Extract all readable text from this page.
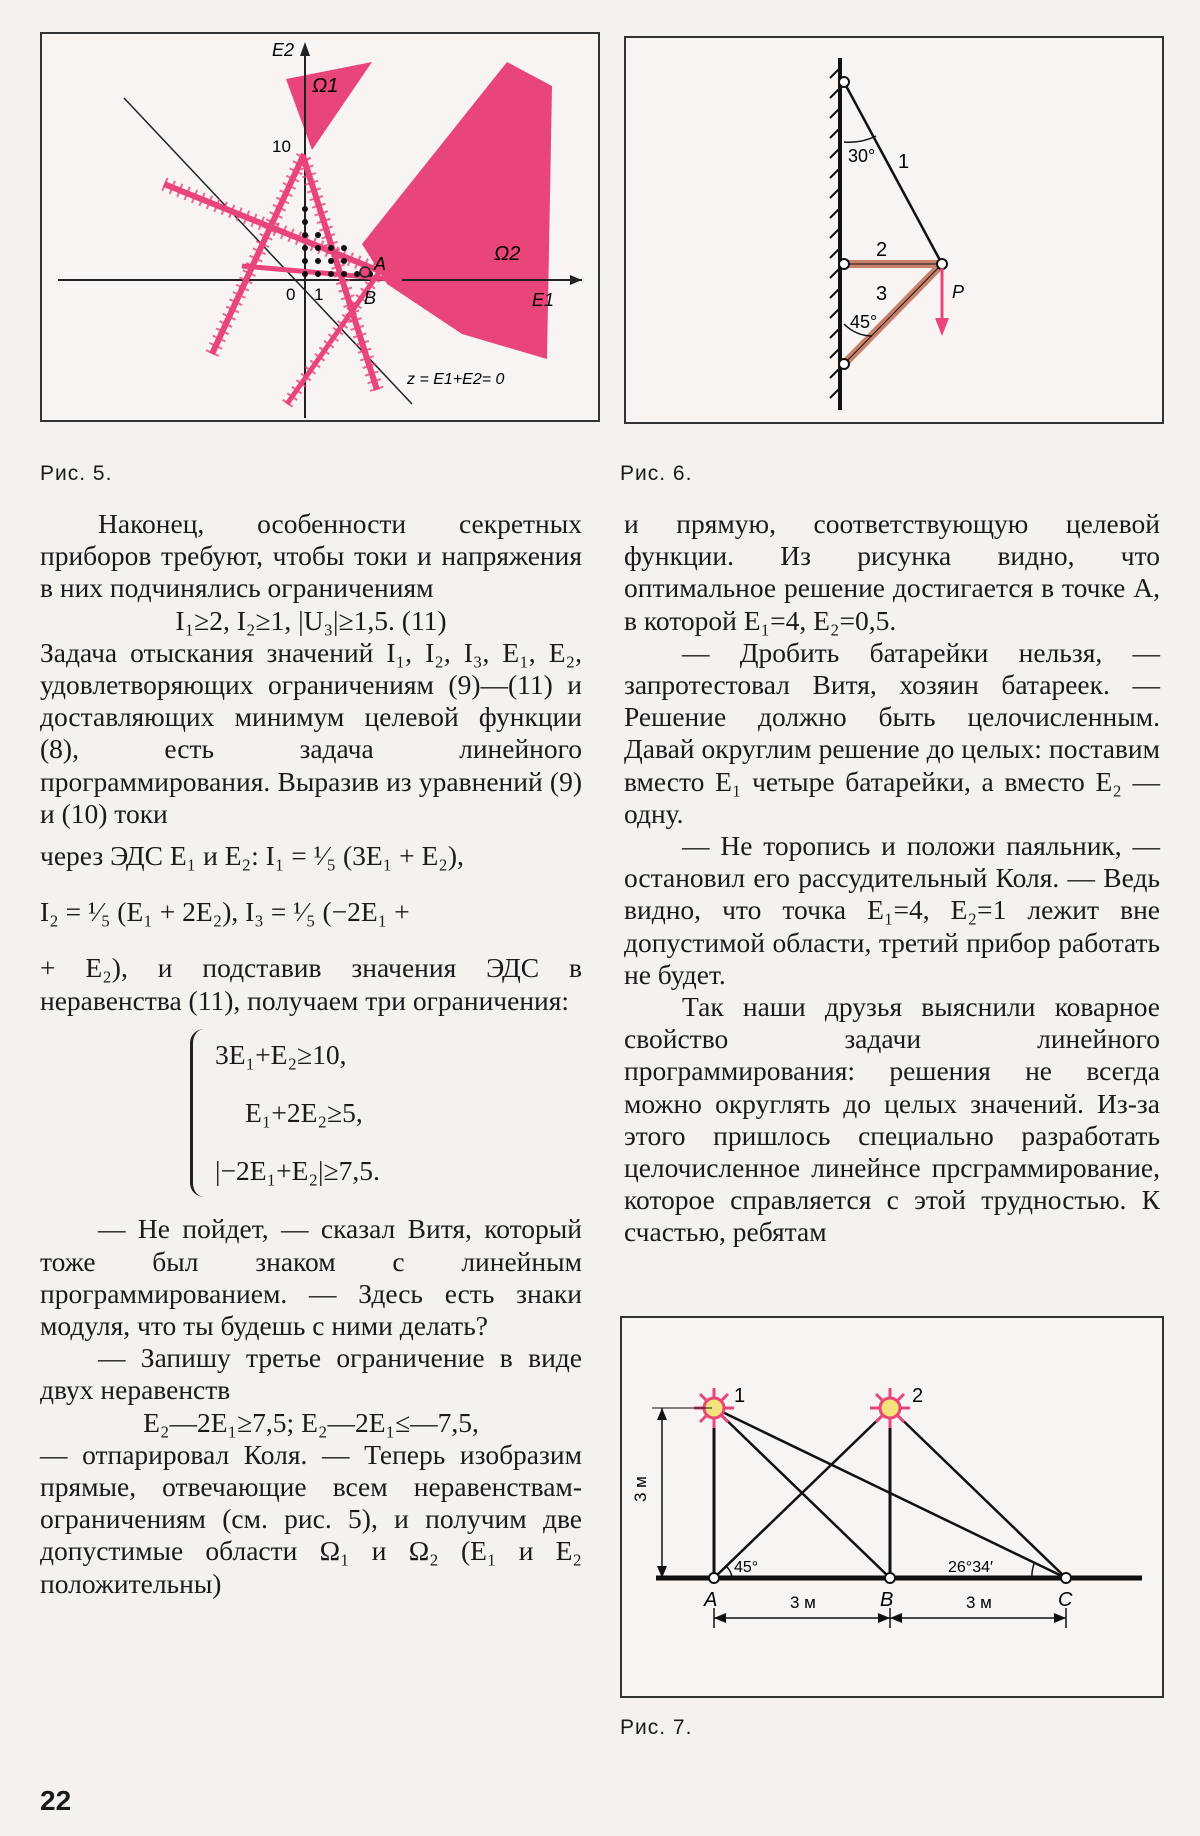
E2
E1
Ω1
Ω2
10
0 1
A
B
z = E1+E2= 0
Рис. 5.
30°
45°
1
2
3	P
Рис. 6.

Наконец, особенности секретных приборов требуют, чтобы токи и напряжения в них подчинялись ограничениям

I₁≥2, I₂≥1, |U₃|≥1,5. (11)

Задача отыскания значений I₁, I₂, I₃, E₁, E₂, удовлетворяющих ограничениям (9)—(11) и доставляющих минимум целевой функции (8), есть задача линейного программирования. Выразив из уравнений (9) и (10) токи

через ЭДС E₁ и E₂: I₁ = ¹⁄₅ (3E₁ + E₂),

I₂ = ¹⁄₅ (E₁ + 2E₂), I₃ = ¹⁄₅ (−2E₁ +

+ E₂), и подставив значения ЭДС в неравенства (11), получаем три ограничения:

3E₁+E₂≥10,

E₁+2E₂≥5,

|−2E₁+E₂|≥7,5.

— Не пойдет, — сказал Витя, который тоже был знаком с линейным программированием. — Здесь есть знаки модуля, что ты будешь с ними делать?

— Запишу третье ограничение в виде двух неравенств

E₂—2E₁≥7,5; E₂—2E₁≤—7,5,

— отпарировал Коля. — Теперь изобразим прямые, отвечающие всем неравенствам-ограничениям (см. рис. 5), и получим две допустимые области Ω₁ и Ω₂ (E₁ и E₂ положительны)

и прямую, соответствующую целевой функции. Из рисунка видно, что оптимальное решение достигается в точке A, в которой E₁=4, E₂=0,5.

— Дробить батарейки нельзя, — запротестовал Витя, хозяин батареек. — Решение должно быть целочисленным. Давай округлим решение до целых: поставим вместо E₁ четыре батарейки, а вместо E₂ — одну.

— Не торопись и положи паяльник, — остановил его рассудительный Коля. — Ведь видно, что точка E₁=4, E₂=1 лежит вне допустимой области, третий прибор работать не будет.

Так наши друзья выяснили коварное свойство задачи линейного программирования: решения не всегда можно округлять до целых значений. Из-за этого пришлось специально разработать целочисленное линейнсе прсграммирование, которое справляется с этой трудностью. К счастью, ребятам

3 м
45°	26°34′
1	2
A	B	C
3 м	3 м
Рис. 7.
22
